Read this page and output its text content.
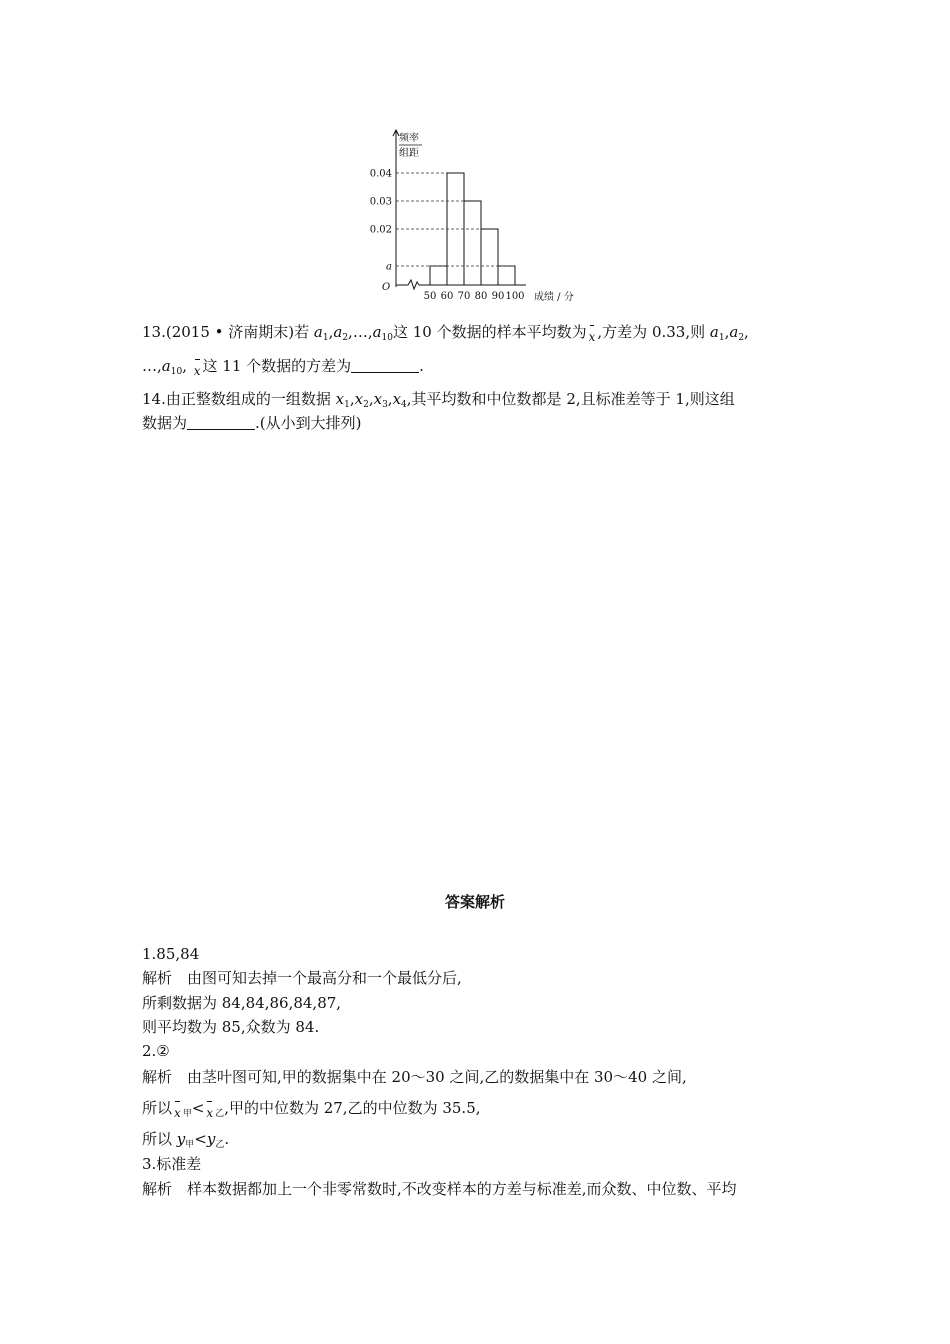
频率
组距
0.04
0.03
0.02
a
O
50 60 70 80 90 100 成绩 / 分
13.(2015 • 济南期末)若 $a_1,a_2,\dots,a_{10}$这 10 个数据的样本平均数为 x ,方差为 0.33,则 $a_1,a_2$,
$\dots,a_{10}$, x 这 11 个数据的方差为	.
14.由正整数组成的一组数据 $x_1,x_2,x_3,x_4$,其平均数和中位数都是 2,且标准差等于 1,则这组
数据为	.(从小到大排列)
答案解析
1.85,84
解析　由图可知去掉一个最高分和一个最低分后,
所剩数据为 84,84,86,84,87,
则平均数为 85,众数为 84.
2.②
解析　由茎叶图可知,甲的数据集中在 20～30 之间,乙的数据集中在 30～40 之间,
所以 x $_甲$< x $_乙$,甲的中位数为 27,乙的中位数为 35.5,
所以 $y_甲<y_乙$.
3.标准差
解析　样本数据都加上一个非零常数时,不改变样本的方差与标准差,而众数、中位数、平均
